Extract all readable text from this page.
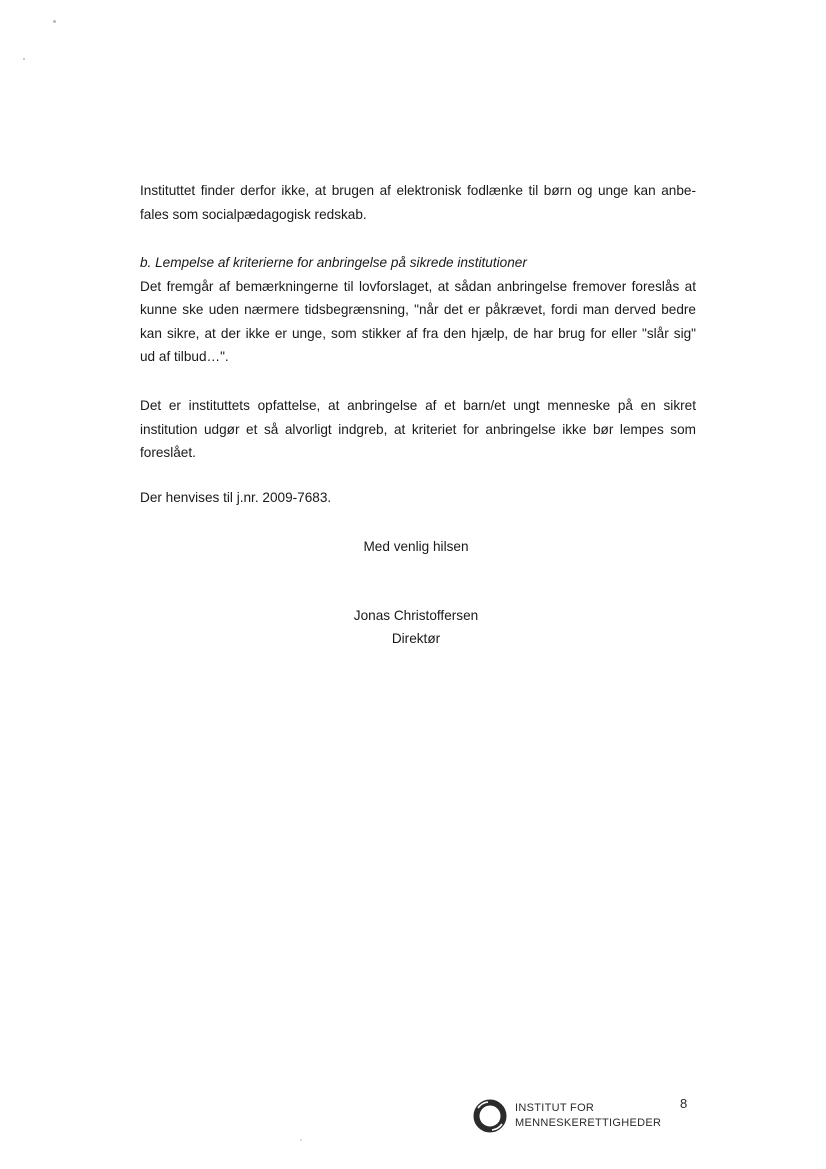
Instituttet finder derfor ikke, at brugen af elektronisk fodlænke til børn og unge kan anbe-
fales som socialpædagogisk redskab.

b. Lempelse af kriterierne for anbringelse på sikrede institutioner
Det fremgår af bemærkningerne til lovforslaget, at sådan anbringelse fremover foreslås at
kunne ske uden nærmere tidsbegrænsning, "når det er påkrævet, fordi man derved bedre
kan sikre, at der ikke er unge, som stikker af fra den hjælp, de har brug for eller "slår sig"
ud af tilbud…".

Det er instituttets opfattelse, at anbringelse af et barn/et ungt menneske på en sikret
institution udgør et så alvorligt indgreb, at kriteriet for anbringelse ikke bør lempes som
foreslået.

Der henvises til j.nr. 2009-7683.

Med venlig hilsen

Jonas Christoffersen

Direktør

INSTITUT FOR
MENNESKERETTIGHEDER
8
